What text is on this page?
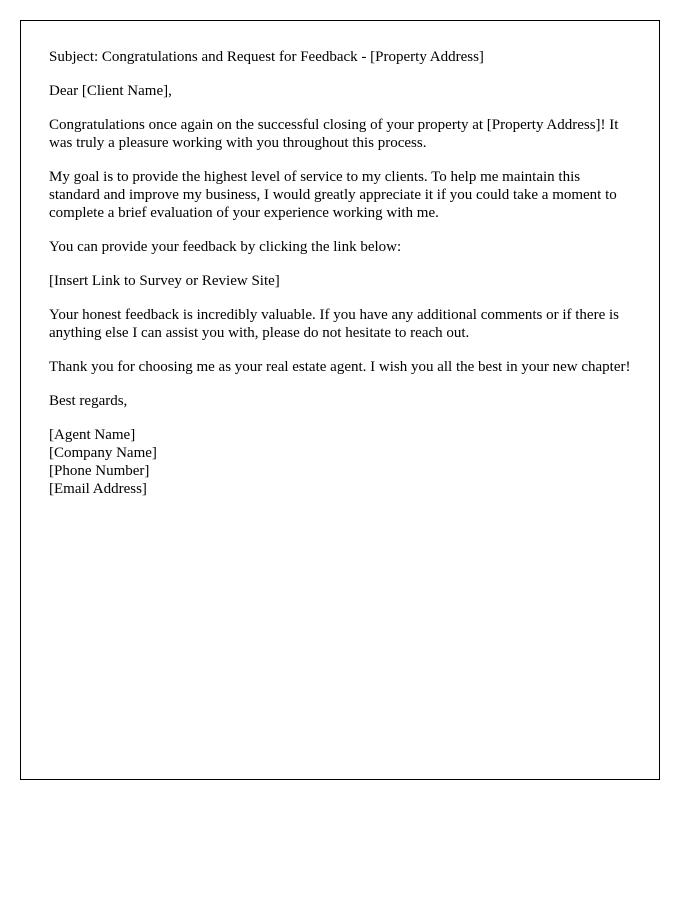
Subject: Congratulations and Request for Feedback - [Property Address]

Dear [Client Name],

Congratulations once again on the successful closing of your property at [Property Address]! It was truly a pleasure working with you throughout this process.

My goal is to provide the highest level of service to my clients. To help me maintain this standard and improve my business, I would greatly appreciate it if you could take a moment to complete a brief evaluation of your experience working with me.

You can provide your feedback by clicking the link below:

[Insert Link to Survey or Review Site]

Your honest feedback is incredibly valuable. If you have any additional comments or if there is anything else I can assist you with, please do not hesitate to reach out.

Thank you for choosing me as your real estate agent. I wish you all the best in your new chapter!

Best regards,

[Agent Name]
[Company Name]
[Phone Number]
[Email Address]
